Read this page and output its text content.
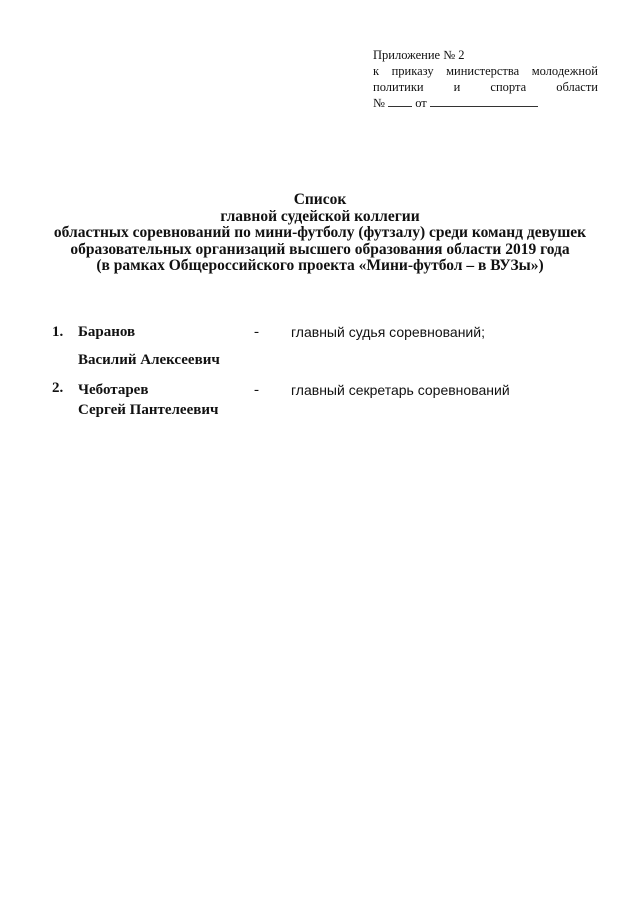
Приложение № 2
к приказу министерства молодежной
политики и спорта области
№ от
Список
главной судейской коллегии
областных соревнований по мини-футболу (футзалу) среди команд девушек
образовательных организаций высшего образования области 2019 года
(в рамках Общероссийского проекта «Мини-футбол – в ВУЗы»)
1. Баранов
Василий Алексеевич
- главный судья соревнований;
2. Чеботарев
Сергей Пантелеевич
- главный секретарь соревнований
